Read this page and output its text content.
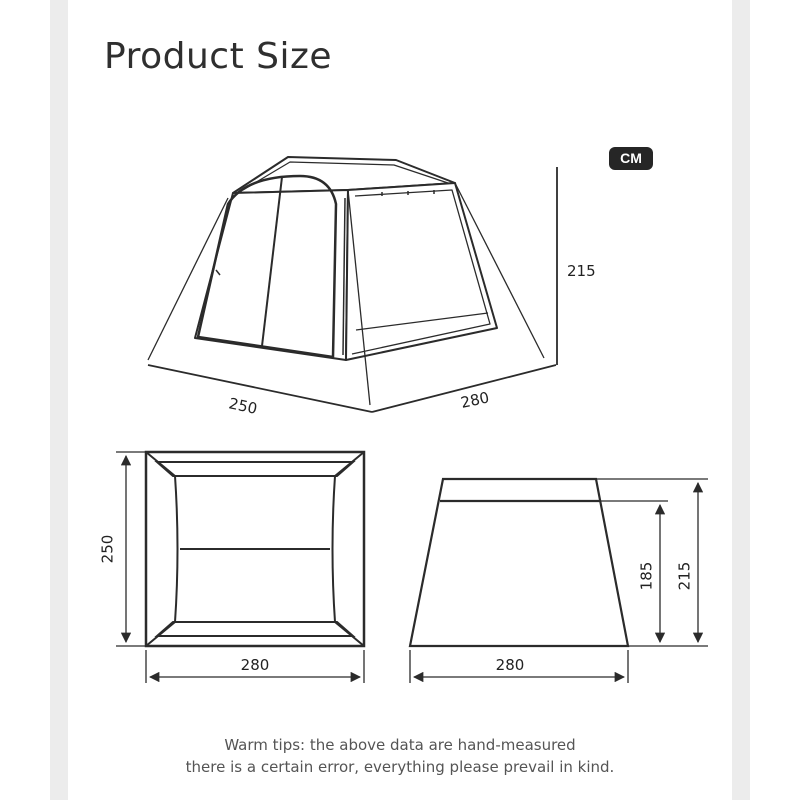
Product Size
CM
215
250	280
250
280
185 215
280
Warm tips: the above data are hand-measured
there is a certain error, everything please prevail in kind.
